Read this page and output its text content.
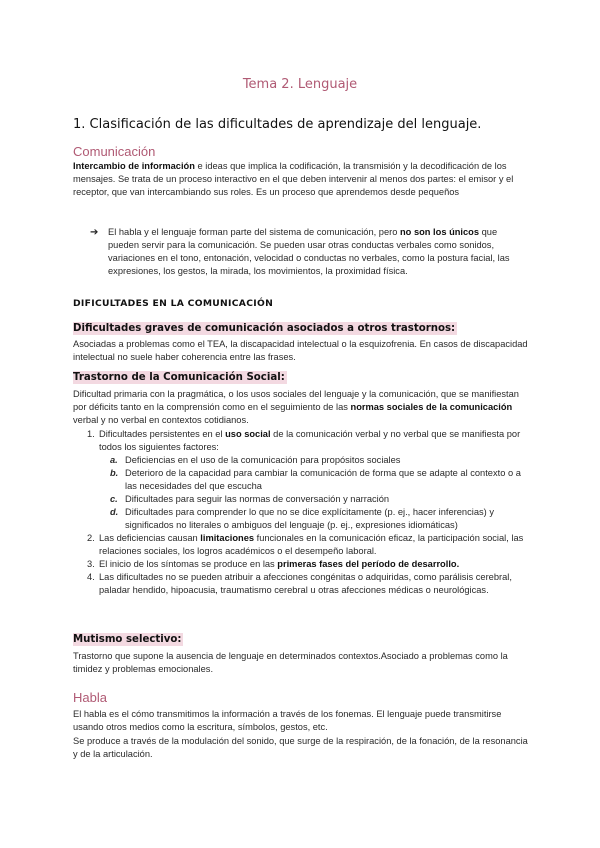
Tema 2. Lenguaje
1. Clasificación de las dificultades de aprendizaje del lenguaje.
Comunicación
Intercambio de información e ideas que implica la codificación, la transmisión y la decodificación de los mensajes. Se trata de un proceso interactivo en el que deben intervenir al menos dos partes: el emisor y el receptor, que van intercambiando sus roles. Es un proceso que aprendemos desde pequeños
➔ El habla y el lenguaje forman parte del sistema de comunicación, pero no son los únicos que pueden servir para la comunicación. Se pueden usar otras conductas verbales como sonidos, variaciones en el tono, entonación, velocidad o conductas no verbales, como la postura facial, las expresiones, los gestos, la mirada, los movimientos, la proximidad física.
DIFICULTADES EN LA COMUNICACIÓN
Dificultades graves de comunicación asociados a otros trastornos:
Asociadas a problemas como el TEA, la discapacidad intelectual o la esquizofrenia. En casos de discapacidad intelectual no suele haber coherencia entre las frases.
Trastorno de la Comunicación Social:
Dificultad primaria con la pragmática, o los usos sociales del lenguaje y la comunicación, que se manifiestan por déficits tanto en la comprensión como en el seguimiento de las normas sociales de la comunicación verbal y no verbal en contextos cotidianos.
1. Dificultades persistentes en el uso social de la comunicación verbal y no verbal que se manifiesta por todos los siguientes factores:
a. Deficiencias en el uso de la comunicación para propósitos sociales
b. Deterioro de la capacidad para cambiar la comunicación de forma que se adapte al contexto o a las necesidades del que escucha
c. Dificultades para seguir las normas de conversación y narración
d. Dificultades para comprender lo que no se dice explícitamente (p. ej., hacer inferencias) y significados no literales o ambiguos del lenguaje (p. ej., expresiones idiomáticas)
2. Las deficiencias causan limitaciones funcionales en la comunicación eficaz, la participación social, las relaciones sociales, los logros académicos o el desempeño laboral.
3. El inicio de los síntomas se produce en las primeras fases del período de desarrollo.
4. Las dificultades no se pueden atribuir a afecciones congénitas o adquiridas, como parálisis cerebral, paladar hendido, hipoacusia, traumatismo cerebral u otras afecciones médicas o neurológicas.
Mutismo selectivo:
Trastorno que supone la ausencia de lenguaje en determinados contextos.Asociado a problemas como la timidez y problemas emocionales.
Habla
El habla es el cómo transmitimos la información a través de los fonemas. El lenguaje puede transmitirse usando otros medios como la escritura, símbolos, gestos, etc.
Se produce a través de la modulación del sonido, que surge de la respiración, de la fonación, de la resonancia y de la articulación.
